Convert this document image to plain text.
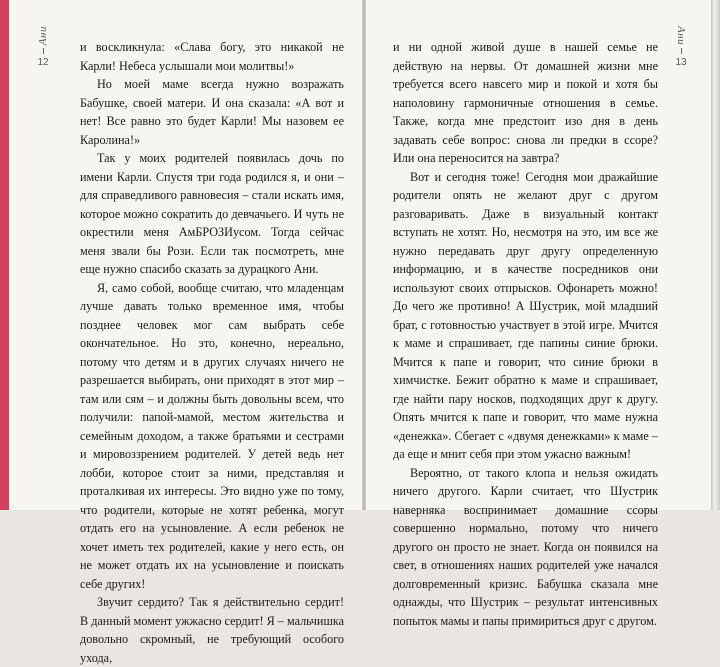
Ани
12

и воскликнула: «Слава богу, это никакой не Карли! Небеса услышали мои молитвы!»

Но моей маме всегда нужно возражать Бабушке, своей матери. И она сказала: «А вот и нет! Все равно это будет Карли! Мы назовем ее Каролина!»

Так у моих родителей появилась дочь по имени Карли. Спустя три года родился я, и они – для справедливого равновесия – стали искать имя, которое можно сократить до девчачьего. И чуть не окрестили меня АмБРОЗИусом. Тогда сейчас меня звали бы Рози. Если так посмотреть, мне еще нужно спасибо сказать за дурацкого Ани.

Я, само собой, вообще считаю, что младенцам лучше давать только временное имя, чтобы позднее человек мог сам выбрать себе окончательное. Но это, конечно, нереально, потому что детям и в других случаях ничего не разрешается выбирать, они приходят в этот мир – там или сям – и должны быть довольны всем, что получили: папой-мамой, местом жительства и семейным доходом, а также братьями и сестрами и мировоззрением родителей. У детей ведь нет лобби, которое стоит за ними, представляя и проталкивая их интересы. Это видно уже по тому, что родители, которые не хотят ребенка, могут отдать его на усыновление. А если ребенок не хочет иметь тех родителей, какие у него есть, он не может отдать их на усыновление и поискать себе других!

Звучит сердито? Так я действительно сердит! В данный момент ужжасно сердит! Я – мальчишка довольно скромный, не требующий особого ухода,

и ни одной живой душе в нашей семье не действую на нервы. От домашней жизни мне требуется всего навсего мир и покой и хотя бы наполовину гармоничные отношения в семье. Также, когда мне предстоит изо дня в день задавать себе вопрос: снова ли предки в ссоре? Или она переносится на завтра?

Вот и сегодня тоже! Сегодня мои дражайшие родители опять не желают друг с другом разговаривать. Даже в визуальный контакт вступать не хотят. Но, несмотря на это, им все же нужно передавать друг другу определенную информацию, и в качестве посредников они используют своих отпрысков. Офонареть можно! До чего же противно! А Шустрик, мой младший брат, с готовностью участвует в этой игре. Мчится к маме и спрашивает, где папины синие брюки. Мчится к папе и говорит, что синие брюки в химчистке. Бежит обратно к маме и спрашивает, где найти пару носков, подходящих друг к другу. Опять мчится к папе и говорит, что маме нужна «денежка». Сбегает с «двумя денежками» к маме – да еще и мнит себя при этом ужасно важным!

Вероятно, от такого клопа и нельзя ожидать ничего другого. Карли считает, что Шустрик наверняка воспринимает домашние ссоры совершенно нормально, потому что ничего другого он просто не знает. Когда он появился на свет, в отношениях наших родителей уже начался долговременный кризис. Бабушка сказала мне однажды, что Шустрик – результат интенсивных попыток мамы и папы примириться друг с другом.

Ани
13
